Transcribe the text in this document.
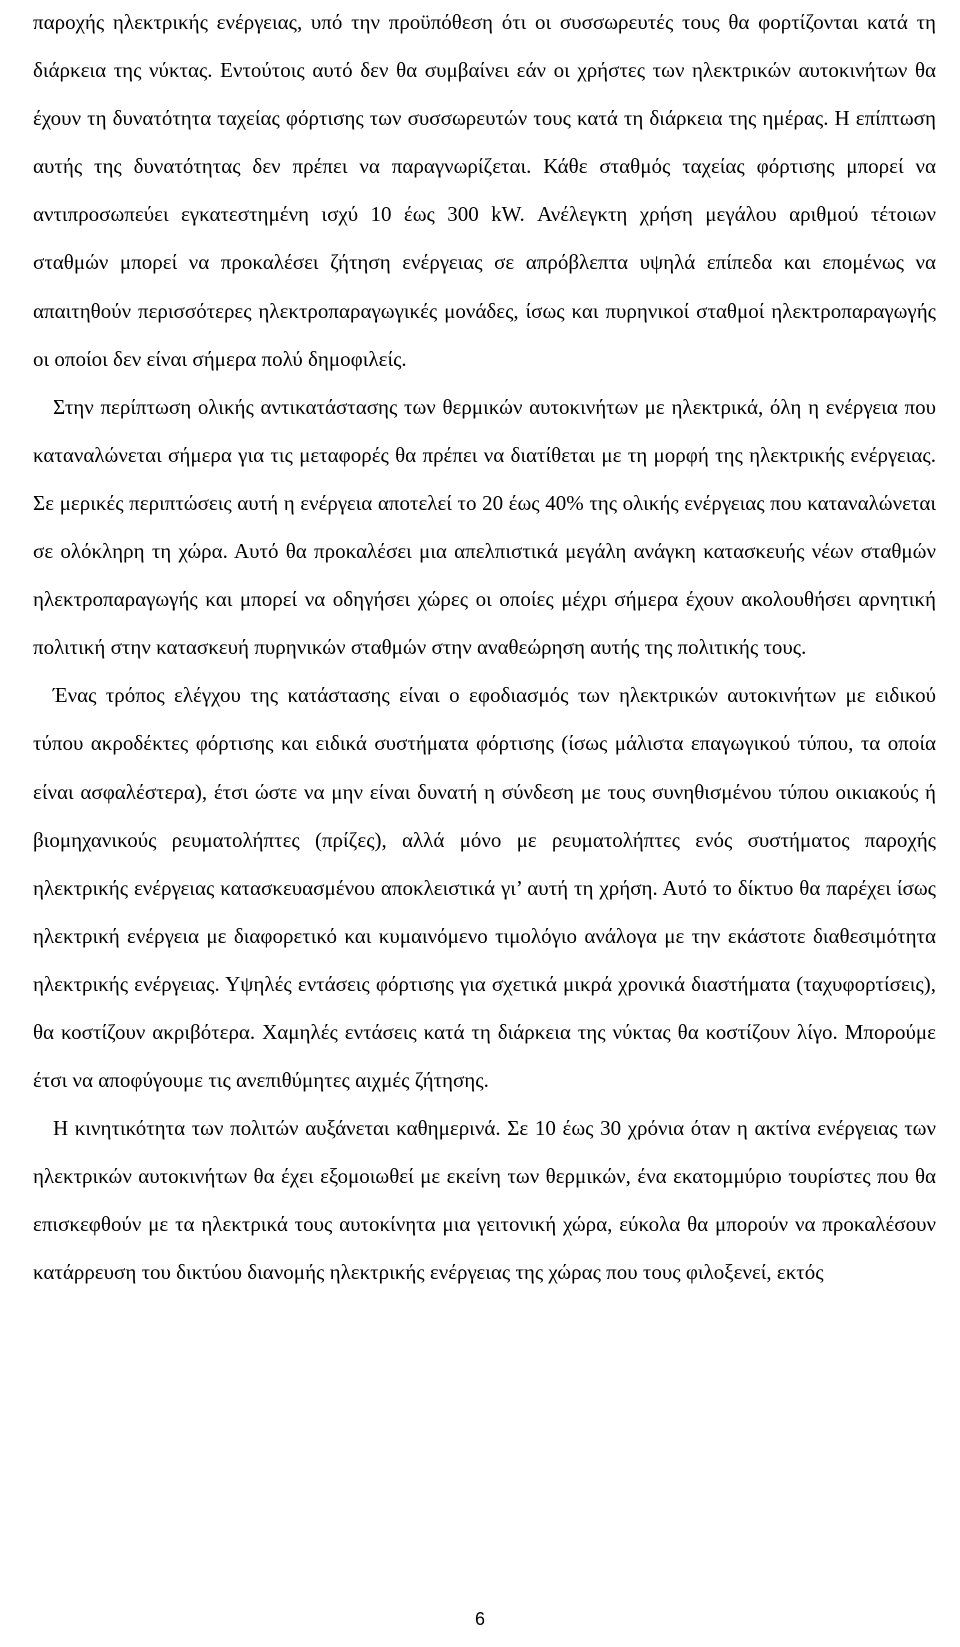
παροχής ηλεκτρικής ενέργειας, υπό την προϋπόθεση ότι οι συσσωρευτές τους θα φορτίζονται κατά τη διάρκεια της νύκτας. Εντούτοις αυτό δεν θα συμβαίνει εάν οι χρήστες των ηλεκτρικών αυτοκινήτων θα έχουν τη δυνατότητα ταχείας φόρτισης των συσσωρευτών τους κατά τη διάρκεια της ημέρας. Η επίπτωση αυτής της δυνατότητας δεν πρέπει να παραγνωρίζεται. Κάθε σταθμός ταχείας φόρτισης μπορεί να αντιπροσωπεύει εγκατεστημένη ισχύ 10 έως 300 kW. Ανέλεγκτη χρήση μεγάλου αριθμού τέτοιων σταθμών μπορεί να προκαλέσει ζήτηση ενέργειας σε απρόβλεπτα υψηλά επίπεδα και επομένως να απαιτηθούν περισσότερες ηλεκτροπαραγωγικές μονάδες, ίσως και πυρηνικοί σταθμοί ηλεκτροπαραγωγής οι οποίοι δεν είναι σήμερα πολύ δημοφιλείς.

Στην περίπτωση ολικής αντικατάστασης των θερμικών αυτοκινήτων με ηλεκτρικά, όλη η ενέργεια που καταναλώνεται σήμερα για τις μεταφορές θα πρέπει να διατίθεται με τη μορφή της ηλεκτρικής ενέργειας. Σε μερικές περιπτώσεις αυτή η ενέργεια αποτελεί το 20 έως 40% της ολικής ενέργειας που καταναλώνεται σε ολόκληρη τη χώρα. Αυτό θα προκαλέσει μια απελπιστικά μεγάλη ανάγκη κατασκευής νέων σταθμών ηλεκτροπαραγωγής και μπορεί να οδηγήσει χώρες οι οποίες μέχρι σήμερα έχουν ακολουθήσει αρνητική πολιτική στην κατασκευή πυρηνικών σταθμών στην αναθεώρηση αυτής της πολιτικής τους.

Ένας τρόπος ελέγχου της κατάστασης είναι ο εφοδιασμός των ηλεκτρικών αυτοκινήτων με ειδικού τύπου ακροδέκτες φόρτισης και ειδικά συστήματα φόρτισης (ίσως μάλιστα επαγωγικού τύπου, τα οποία είναι ασφαλέστερα), έτσι ώστε να μην είναι δυνατή η σύνδεση με τους συνηθισμένου τύπου οικιακούς ή βιομηχανικούς ρευματολήπτες (πρίζες), αλλά μόνο με ρευματολήπτες ενός συστήματος παροχής ηλεκτρικής ενέργειας κατασκευασμένου αποκλειστικά γι’ αυτή τη χρήση. Αυτό το δίκτυο θα παρέχει ίσως ηλεκτρική ενέργεια με διαφορετικό και κυμαινόμενο τιμολόγιο ανάλογα με την εκάστοτε διαθεσιμότητα ηλεκτρικής ενέργειας. Υψηλές εντάσεις φόρτισης για σχετικά μικρά χρονικά διαστήματα (ταχυφορτίσεις), θα κοστίζουν ακριβότερα. Χαμηλές εντάσεις κατά τη διάρκεια της νύκτας θα κοστίζουν λίγο. Μπορούμε έτσι να αποφύγουμε τις ανεπιθύμητες αιχμές ζήτησης.

Η κινητικότητα των πολιτών αυξάνεται καθημερινά. Σε 10 έως 30 χρόνια όταν η ακτίνα ενέργειας των ηλεκτρικών αυτοκινήτων θα έχει εξομοιωθεί με εκείνη των θερμικών, ένα εκατομμύριο τουρίστες που θα επισκεφθούν με τα ηλεκτρικά τους αυτοκίνητα μια γειτονική χώρα, εύκολα θα μπορούν να προκαλέσουν κατάρρευση του δικτύου διανομής ηλεκτρικής ενέργειας της χώρας που τους φιλοξενεί, εκτός

6
